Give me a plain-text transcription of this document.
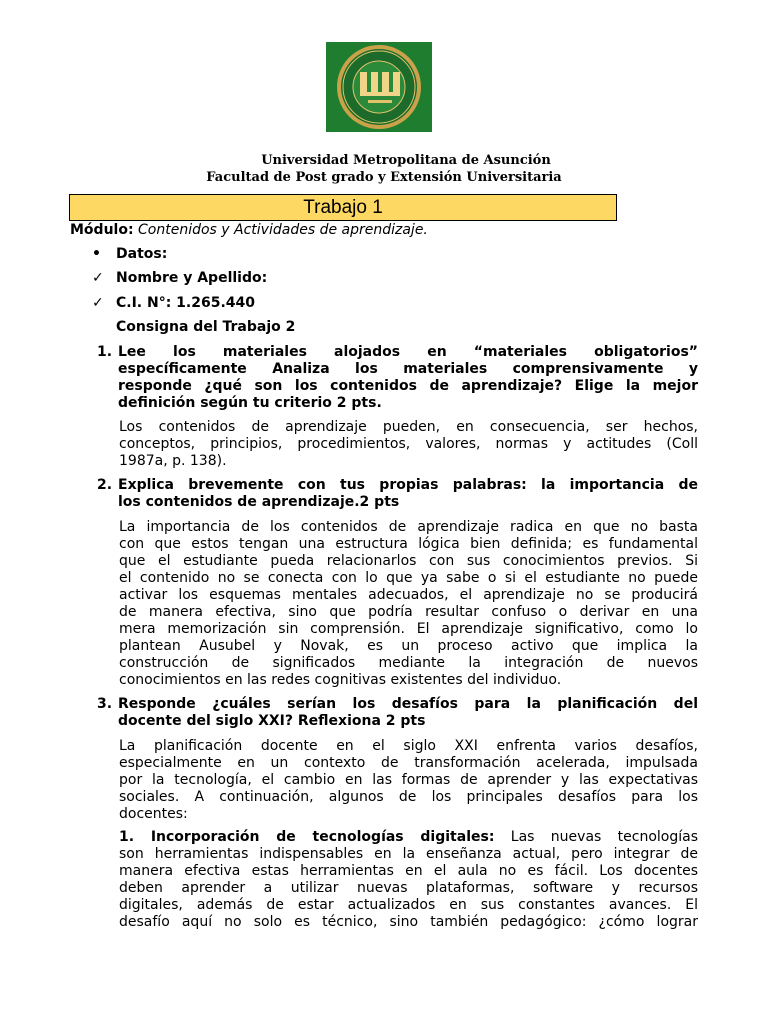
Universidad Metropolitana de Asunción
Facultad de Post grado y Extensión Universitaria
Trabajo 1
Módulo: Contenidos y Actividades de aprendizaje.
• Datos:
✓ Nombre y Apellido:
✓ C.I. N°: 1.265.440
Consigna del Trabajo 2
1. Lee los materiales alojados en “materiales obligatorios”
específicamente Analiza los materiales comprensivamente y
responde ¿qué son los contenidos de aprendizaje? Elige la mejor
definición según tu criterio 2 pts.
Los contenidos de aprendizaje pueden, en consecuencia, ser hechos,
conceptos, principios, procedimientos, valores, normas y actitudes (Coll
1987a, p. 138).
2. Explica brevemente con tus propias palabras: la importancia de
los contenidos de aprendizaje.2 pts
La importancia de los contenidos de aprendizaje radica en que no basta
con que estos tengan una estructura lógica bien definida; es fundamental
que el estudiante pueda relacionarlos con sus conocimientos previos. Si
el contenido no se conecta con lo que ya sabe o si el estudiante no puede
activar los esquemas mentales adecuados, el aprendizaje no se producirá
de manera efectiva, sino que podría resultar confuso o derivar en una
mera memorización sin comprensión. El aprendizaje significativo, como lo
plantean Ausubel y Novak, es un proceso activo que implica la
construcción de significados mediante la integración de nuevos
conocimientos en las redes cognitivas existentes del individuo.
3. Responde ¿cuáles serían los desafíos para la planificación del
docente del siglo XXI? Reflexiona 2 pts
La planificación docente en el siglo XXI enfrenta varios desafíos,
especialmente en un contexto de transformación acelerada, impulsada
por la tecnología, el cambio en las formas de aprender y las expectativas
sociales. A continuación, algunos de los principales desafíos para los
docentes:
1. Incorporación de tecnologías digitales: Las nuevas tecnologías
son herramientas indispensables en la enseñanza actual, pero integrar de
manera efectiva estas herramientas en el aula no es fácil. Los docentes
deben aprender a utilizar nuevas plataformas, software y recursos
digitales, además de estar actualizados en sus constantes avances. El
desafío aquí no solo es técnico, sino también pedagógico: ¿cómo lograr
